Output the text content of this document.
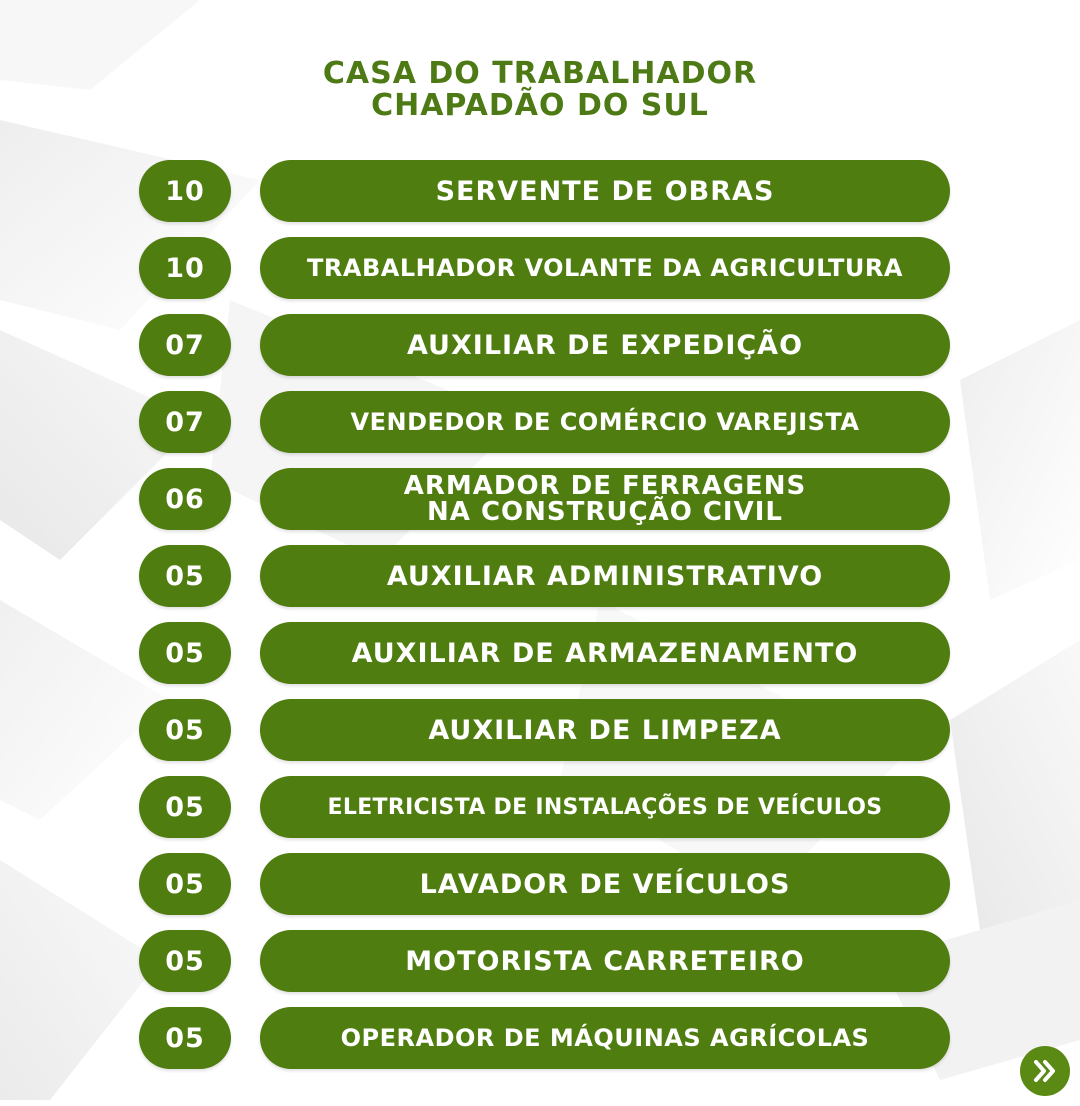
CASA DO TRABALHADOR
CHAPADÃO DO SUL
10	SERVENTE DE OBRAS
10	TRABALHADOR VOLANTE DA AGRICULTURA
07	AUXILIAR DE EXPEDIÇÃO
07	VENDEDOR DE COMÉRCIO VAREJISTA
06	ARMADOR DE FERRAGENS
NA CONSTRUÇÃO CIVIL
05	AUXILIAR ADMINISTRATIVO
05	AUXILIAR DE ARMAZENAMENTO
05	AUXILIAR DE LIMPEZA
05	ELETRICISTA DE INSTALAÇÕES DE VEÍCULOS
05	LAVADOR DE VEÍCULOS
05	MOTORISTA CARRETEIRO
05	OPERADOR DE MÁQUINAS AGRÍCOLAS
